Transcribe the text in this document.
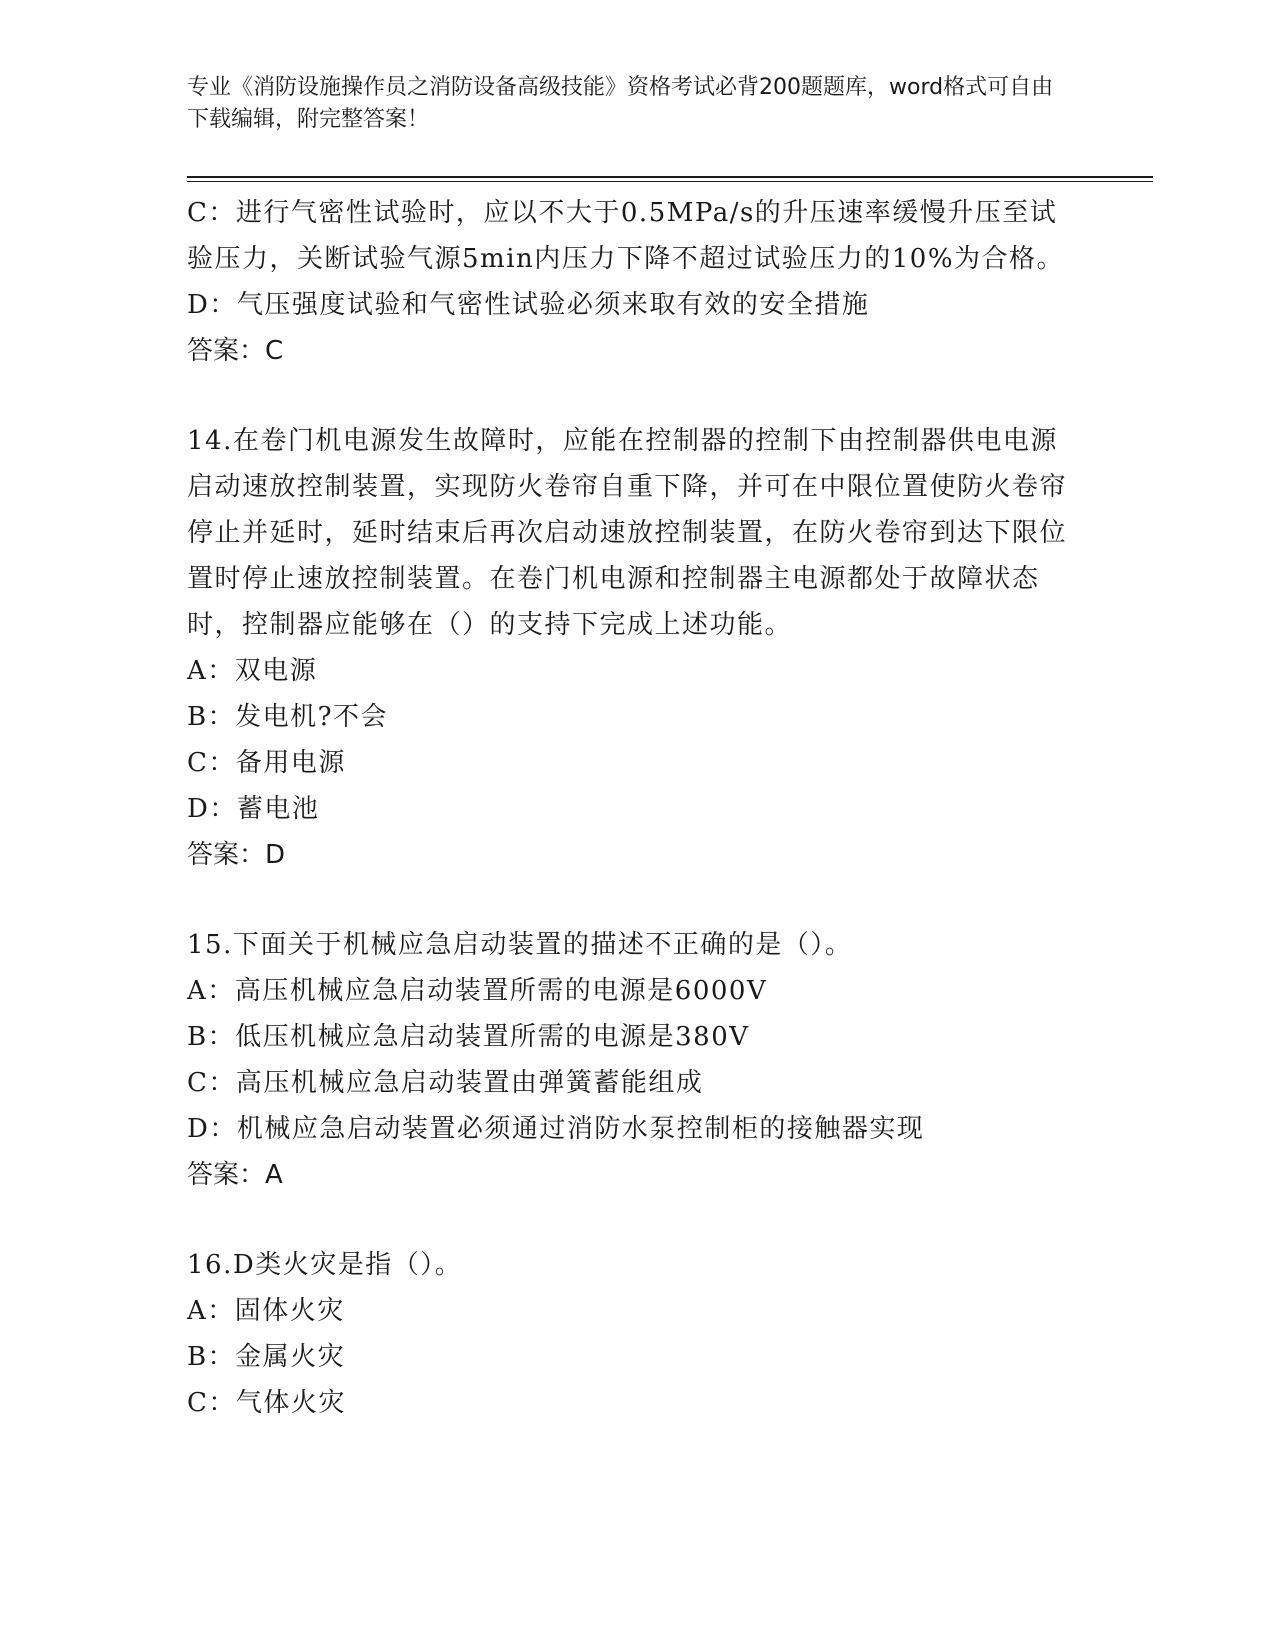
专业《消防设施操作员之消防设备高级技能》资格考试必背200题题库，word格式可自由下载编辑，附完整答案！

C：进行气密性试验时，应以不大于0.5MPa/s的升压速率缓慢升压至试验压力，关断试验气源5min内压力下降不超过试验压力的10%为合格。

D：气压强度试验和气密性试验必须来取有效的安全措施

答案：C

14.在卷门机电源发生故障时，应能在控制器的控制下由控制器供电电源启动速放控制装置，实现防火卷帘自重下降，并可在中限位置使防火卷帘停止并延时，延时结束后再次启动速放控制装置，在防火卷帘到达下限位置时停止速放控制装置。在卷门机电源和控制器主电源都处于故障状态时，控制器应能够在（）的支持下完成上述功能。

A：双电源

B：发电机?不会

C：备用电源

D：蓄电池

答案：D

15.下面关于机械应急启动装置的描述不正确的是（）。

A：高压机械应急启动装置所需的电源是6000V

B：低压机械应急启动装置所需的电源是380V

C：高压机械应急启动装置由弹簧蓄能组成

D：机械应急启动装置必须通过消防水泵控制柜的接触器实现

答案：A

16.D类火灾是指（）。

A：固体火灾

B：金属火灾

C：气体火灾
